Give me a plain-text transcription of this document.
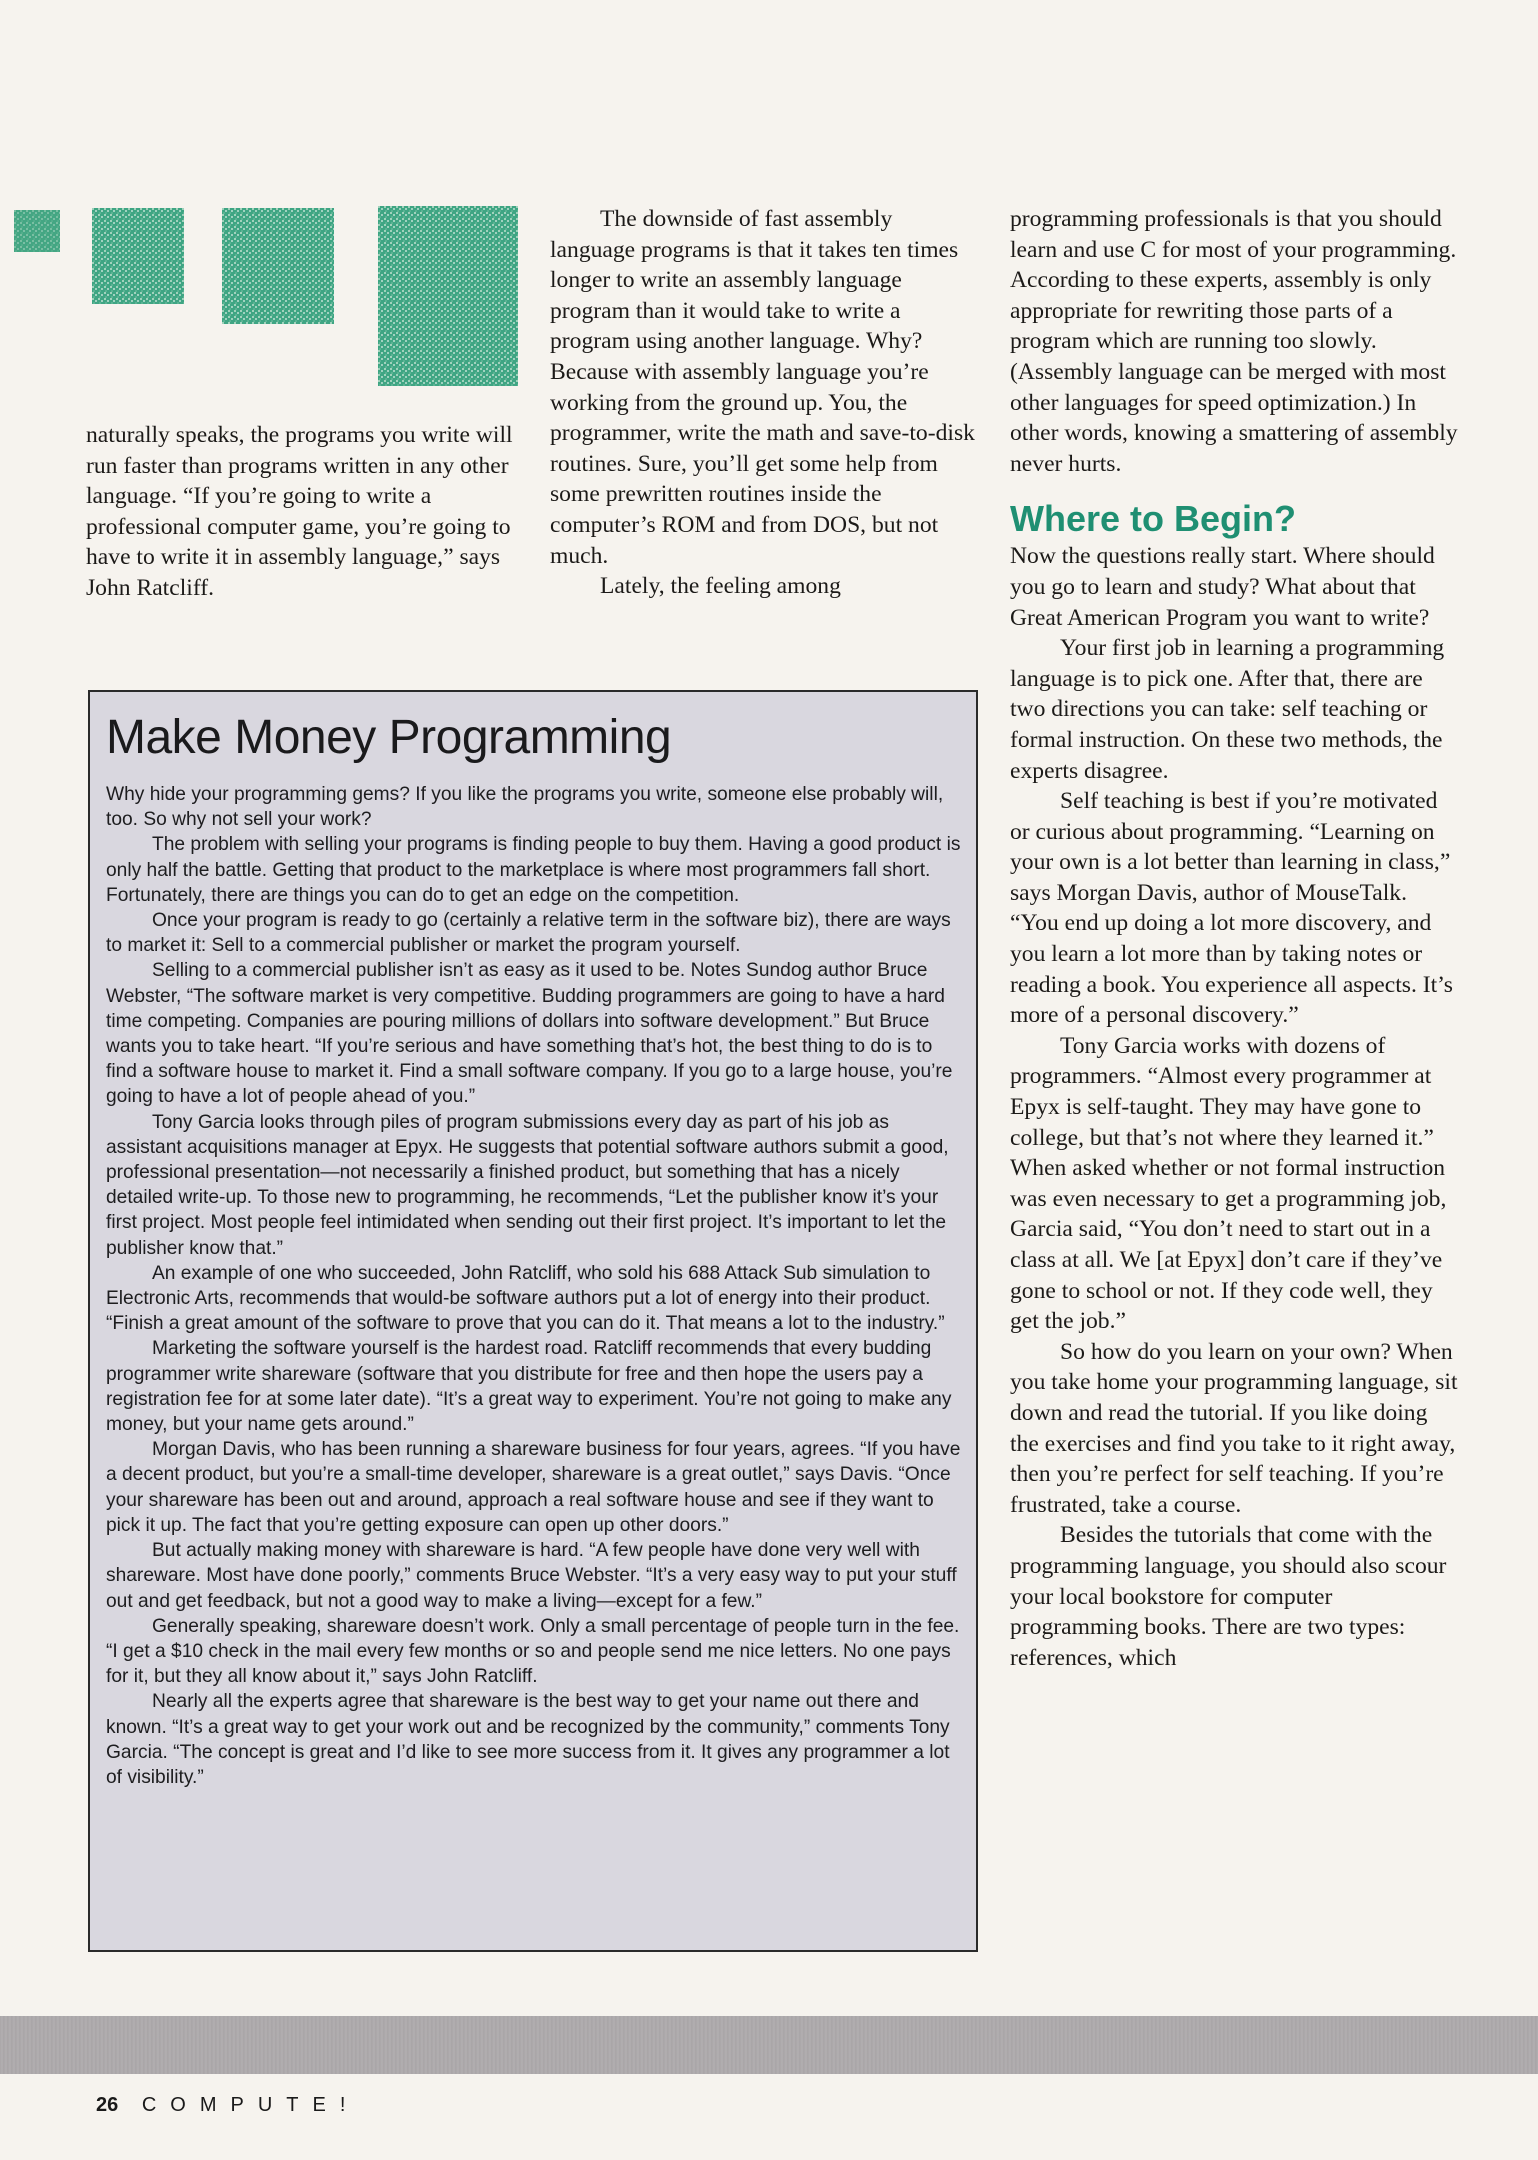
naturally speaks, the programs you write will run faster than programs written in any other language. “If you’re going to write a professional computer game, you’re going to have to write it in assembly language,” says John Ratcliff.

The downside of fast assembly language programs is that it takes ten times longer to write an assembly language program than it would take to write a program using another language. Why? Because with assembly language you’re working from the ground up. You, the programmer, write the math and save-to-disk routines. Sure, you’ll get some help from some prewritten routines inside the computer’s ROM and from DOS, but not much.

Lately, the feeling among

programming professionals is that you should learn and use C for most of your programming. According to these experts, assembly is only appropriate for rewriting those parts of a program which are running too slowly. (Assembly language can be merged with most other languages for speed optimization.) In other words, knowing a smattering of assembly never hurts.

Where to Begin?

Now the questions really start. Where should you go to learn and study? What about that Great American Program you want to write?

Your first job in learning a programming language is to pick one. After that, there are two directions you can take: self teaching or formal instruction. On these two methods, the experts disagree.

Self teaching is best if you’re motivated or curious about programming. “Learning on your own is a lot better than learning in class,” says Morgan Davis, author of MouseTalk. “You end up doing a lot more discovery, and you learn a lot more than by taking notes or reading a book. You experience all aspects. It’s more of a personal discovery.”

Tony Garcia works with dozens of programmers. “Almost every programmer at Epyx is self-taught. They may have gone to college, but that’s not where they learned it.” When asked whether or not formal instruction was even necessary to get a programming job, Garcia said, “You don’t need to start out in a class at all. We [at Epyx] don’t care if they’ve gone to school or not. If they code well, they get the job.”

So how do you learn on your own? When you take home your programming language, sit down and read the tutorial. If you like doing the exercises and find you take to it right away, then you’re perfect for self teaching. If you’re frustrated, take a course.

Besides the tutorials that come with the programming language, you should also scour your local bookstore for computer programming books. There are two types: references, which

Make Money Programming

Why hide your programming gems? If you like the programs you write, someone else probably will, too. So why not sell your work?

The problem with selling your programs is finding people to buy them. Having a good product is only half the battle. Getting that product to the marketplace is where most programmers fall short. Fortunately, there are things you can do to get an edge on the competition.

Once your program is ready to go (certainly a relative term in the software biz), there are ways to market it: Sell to a commercial publisher or market the program yourself.

Selling to a commercial publisher isn’t as easy as it used to be. Notes Sundog author Bruce Webster, “The software market is very competitive. Budding programmers are going to have a hard time competing. Companies are pouring millions of dollars into software development.” But Bruce wants you to take heart. “If you’re serious and have something that’s hot, the best thing to do is to find a software house to market it. Find a small software company. If you go to a large house, you’re going to have a lot of people ahead of you.”

Tony Garcia looks through piles of program submissions every day as part of his job as assistant acquisitions manager at Epyx. He suggests that potential software authors submit a good, professional presentation—not necessarily a finished product, but something that has a nicely detailed write-up. To those new to programming, he recommends, “Let the publisher know it’s your first project. Most people feel intimidated when sending out their first project. It’s important to let the publisher know that.”

An example of one who succeeded, John Ratcliff, who sold his 688 Attack Sub simulation to Electronic Arts, recommends that would-be software authors put a lot of energy into their product. “Finish a great amount of the software to prove that you can do it. That means a lot to the industry.”

Marketing the software yourself is the hardest road. Ratcliff recommends that every budding programmer write shareware (software that you distribute for free and then hope the users pay a registration fee for at some later date). “It’s a great way to experiment. You’re not going to make any money, but your name gets around.”

Morgan Davis, who has been running a shareware business for four years, agrees. “If you have a decent product, but you’re a small-time developer, shareware is a great outlet,” says Davis. “Once your shareware has been out and around, approach a real software house and see if they want to pick it up. The fact that you’re getting exposure can open up other doors.”

But actually making money with shareware is hard. “A few people have done very well with shareware. Most have done poorly,” comments Bruce Webster. “It’s a very easy way to put your stuff out and get feedback, but not a good way to make a living—except for a few.”

Generally speaking, shareware doesn’t work. Only a small percentage of people turn in the fee. “I get a $10 check in the mail every few months or so and people send me nice letters. No one pays for it, but they all know about it,” says John Ratcliff.

Nearly all the experts agree that shareware is the best way to get your name out there and known. “It’s a great way to get your work out and be recognized by the community,” comments Tony Garcia. “The concept is great and I’d like to see more success from it. It gives any programmer a lot of visibility.”

26 COMPUTE!
